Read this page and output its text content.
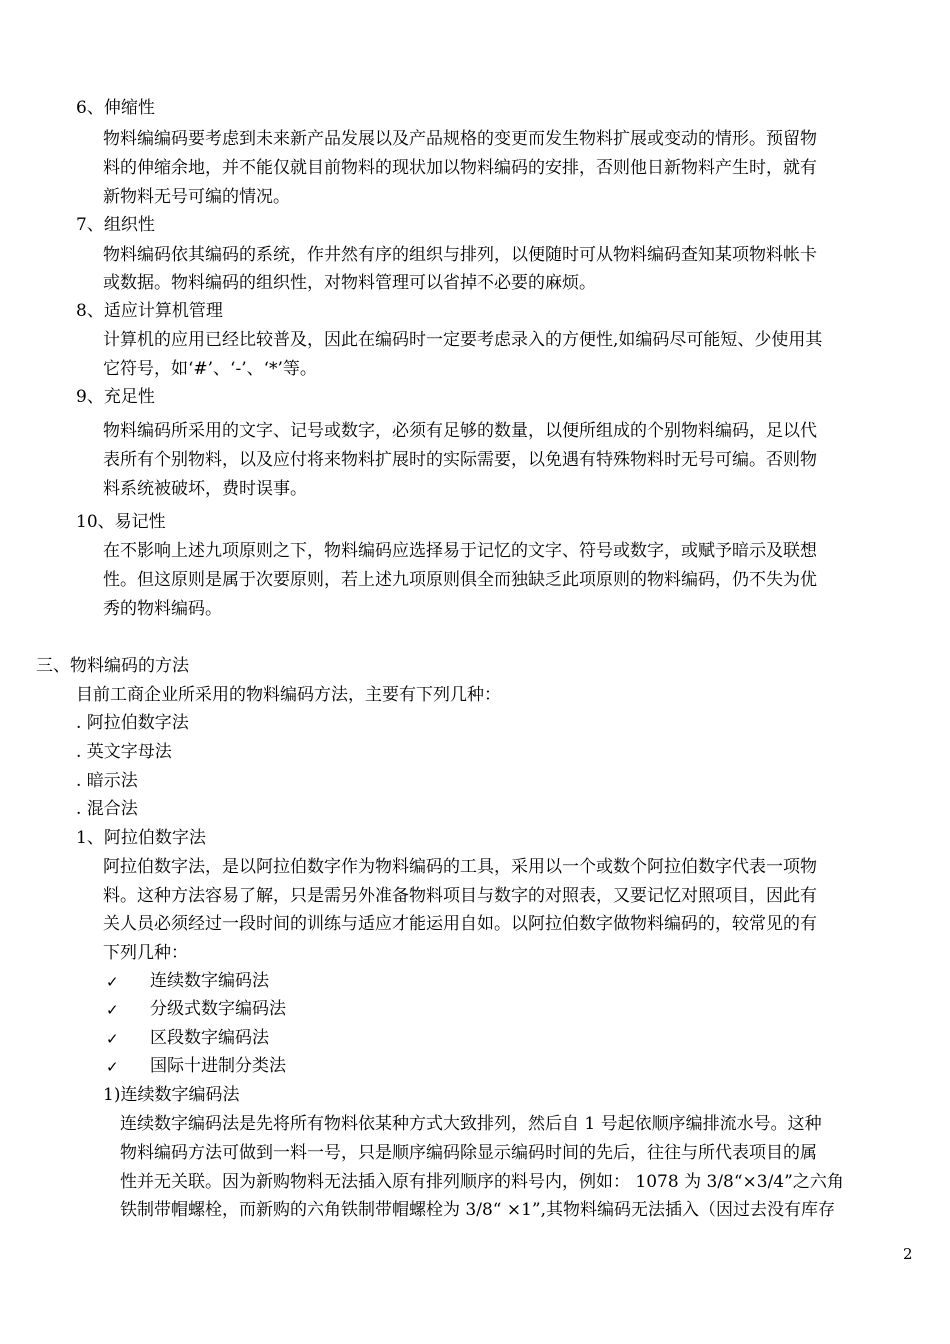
6、伸缩性
物料编编码要考虑到未来新产品发展以及产品规格的变更而发生物料扩展或变动的情形。预留物
料的伸缩余地，并不能仅就目前物料的现状加以物料编码的安排，否则他日新物料产生时，就有
新物料无号可编的情况。
7、组织性
物料编码依其编码的系统，作井然有序的组织与排列，以便随时可从物料编码查知某项物料帐卡
或数据。物料编码的组织性，对物料管理可以省掉不必要的麻烦。
8、适应计算机管理
计算机的应用已经比较普及，因此在编码时一定要考虑录入的方便性,如编码尽可能短、少使用其
它符号，如‘#’、‘-’、‘*’等。
9、充足性
物料编码所采用的文字、记号或数字，必须有足够的数量，以便所组成的个别物料编码，足以代
表所有个别物料，以及应付将来物料扩展时的实际需要，以免遇有特殊物料时无号可编。否则物
料系统被破坏，费时误事。
10、易记性
在不影响上述九项原则之下，物料编码应选择易于记忆的文字、符号或数字，或赋予暗示及联想
性。但这原则是属于次要原则，若上述九项原则俱全而独缺乏此项原则的物料编码，仍不失为优
秀的物料编码。
三、物料编码的方法
目前工商企业所采用的物料编码方法，主要有下列几种：
. 阿拉伯数字法
. 英文字母法
. 暗示法
. 混合法
1、阿拉伯数字法
阿拉伯数字法，是以阿拉伯数字作为物料编码的工具，采用以一个或数个阿拉伯数字代表一项物
料。这种方法容易了解，只是需另外准备物料项目与数字的对照表，又要记忆对照项目，因此有
关人员必须经过一段时间的训练与适应才能运用自如。以阿拉伯数字做物料编码的，较常见的有
下列几种：
✓ 连续数字编码法
✓ 分级式数字编码法
✓ 区段数字编码法
✓ 国际十进制分类法
1)连续数字编码法
连续数字编码法是先将所有物料依某种方式大致排列，然后自 1 号起依顺序编排流水号。这种
物料编码方法可做到一料一号，只是顺序编码除显示编码时间的先后，往往与所代表项目的属
性并无关联。因为新购物料无法插入原有排列顺序的料号内，例如： 1078 为 3/8“×3/4”之六角
铁制带帽螺栓，而新购的六角铁制带帽螺栓为 3/8“ ×1”,其物料编码无法插入（因过去没有库存
2
